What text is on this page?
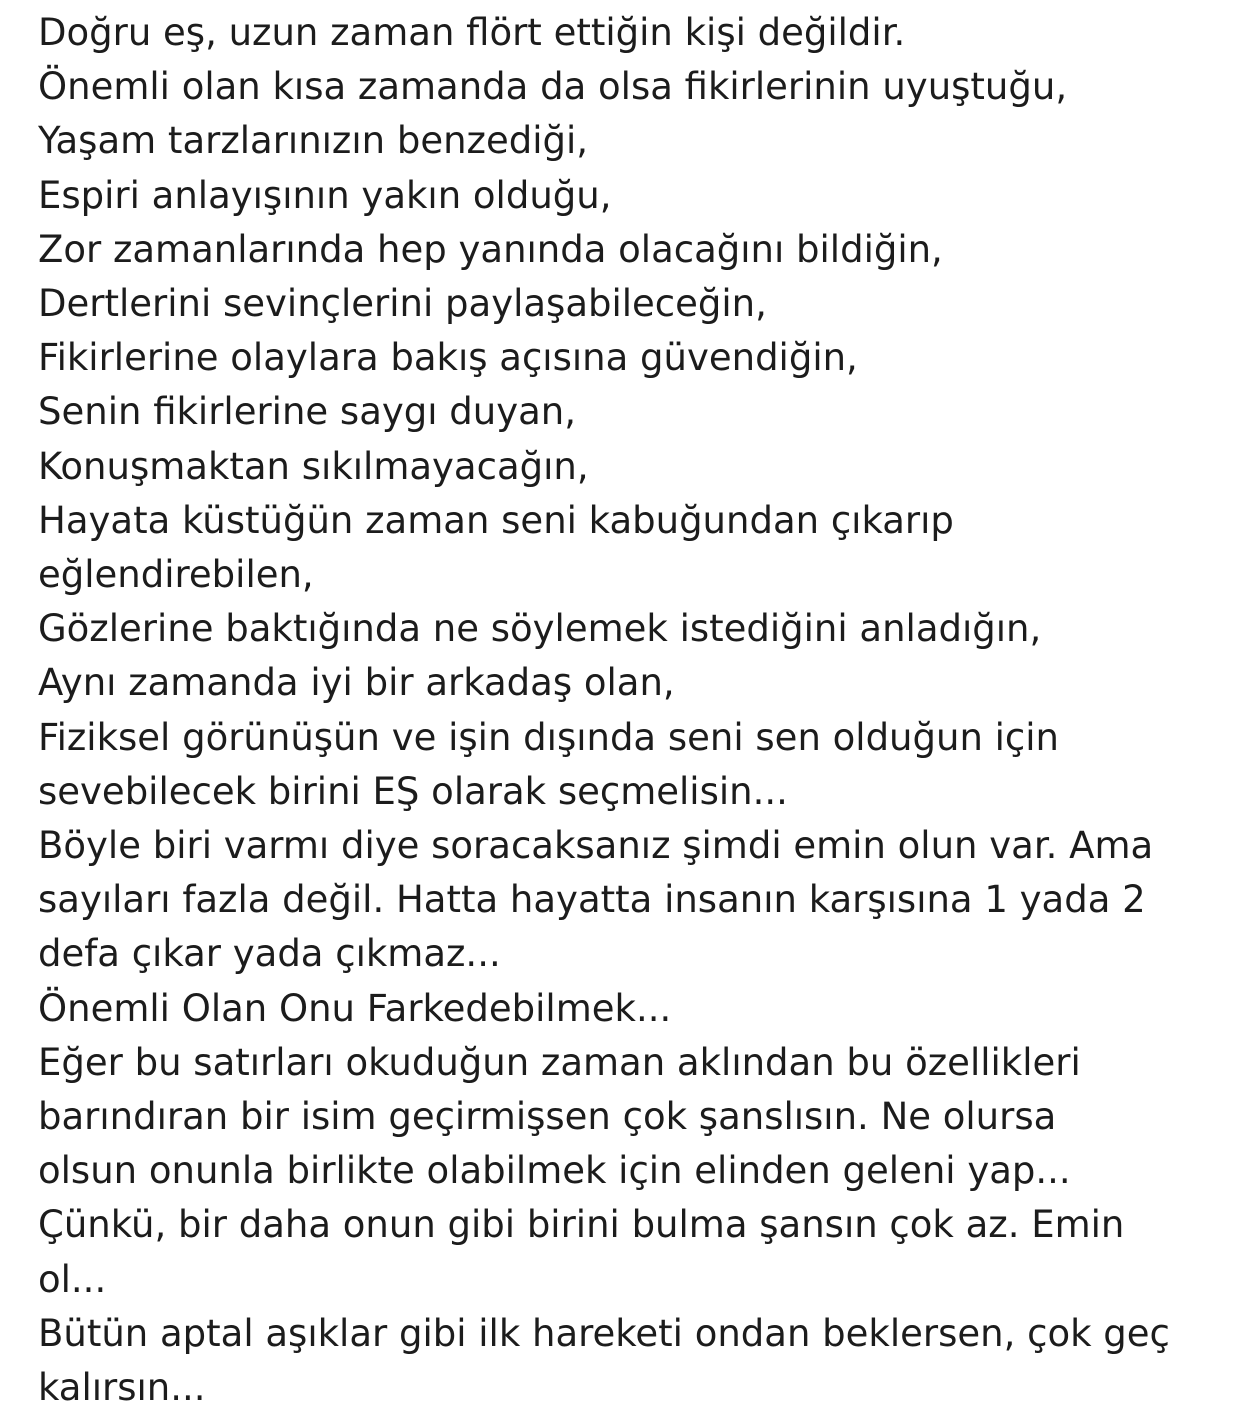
Doğru eş, uzun zaman flört ettiğin kişi değildir.
Önemli olan kısa zamanda da olsa fikirlerinin uyuştuğu,
Yaşam tarzlarınızın benzediği,
Espiri anlayışının yakın olduğu,
Zor zamanlarında hep yanında olacağını bildiğin,
Dertlerini sevinçlerini paylaşabileceğin,
Fikirlerine olaylara bakış açısına güvendiğin,
Senin fikirlerine saygı duyan,
Konuşmaktan sıkılmayacağın,
Hayata küstüğün zaman seni kabuğundan çıkarıp
eğlendirebilen,
Gözlerine baktığında ne söylemek istediğini anladığın,
Aynı zamanda iyi bir arkadaş olan,
Fiziksel görünüşün ve işin dışında seni sen olduğun için
sevebilecek birini EŞ olarak seçmelisin...
Böyle biri varmı diye soracaksanız şimdi emin olun var. Ama
sayıları fazla değil. Hatta hayatta insanın karşısına 1 yada 2
defa çıkar yada çıkmaz...
Önemli Olan Onu Farkedebilmek...
Eğer bu satırları okuduğun zaman aklından bu özellikleri
barındıran bir isim geçirmişsen çok şanslısın. Ne olursa
olsun onunla birlikte olabilmek için elinden geleni yap...
Çünkü, bir daha onun gibi birini bulma şansın çok az. Emin
ol...
Bütün aptal aşıklar gibi ilk hareketi ondan beklersen, çok geç
kalırsın...
